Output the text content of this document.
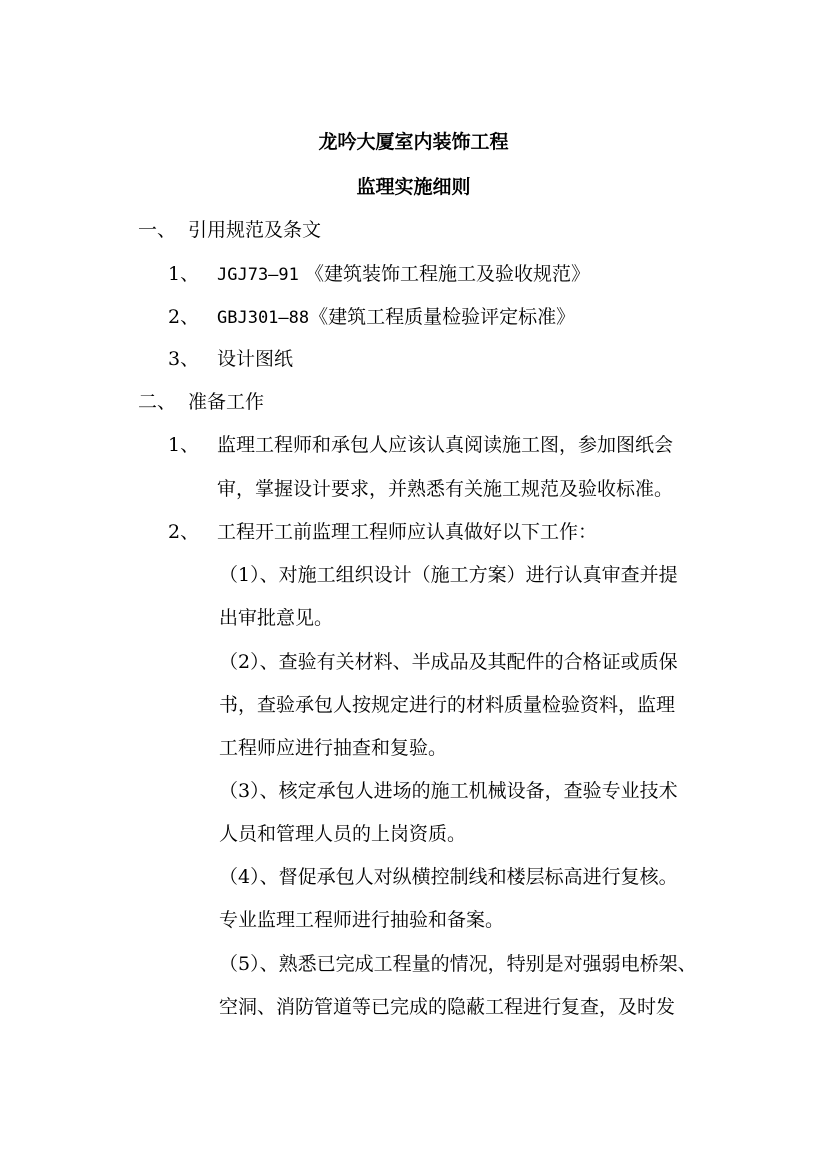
龙吟大厦室内装饰工程
监理实施细则
一、 引用规范及条文
1、 JGJ73—91 《建筑装饰工程施工及验收规范》
2、 GBJ301—88《建筑工程质量检验评定标准》
3、 设计图纸
二、 准备工作
1、 监理工程师和承包人应该认真阅读施工图，参加图纸会
审，掌握设计要求，并熟悉有关施工规范及验收标准。
2、 工程开工前监理工程师应认真做好以下工作：
（1）、对施工组织设计（施工方案）进行认真审查并提
出审批意见。
（2）、查验有关材料、半成品及其配件的合格证或质保
书，查验承包人按规定进行的材料质量检验资料，监理
工程师应进行抽查和复验。
（3）、核定承包人进场的施工机械设备，查验专业技术
人员和管理人员的上岗资质。
（4）、督促承包人对纵横控制线和楼层标高进行复核。
专业监理工程师进行抽验和备案。
（5）、熟悉已完成工程量的情况，特别是对强弱电桥架、
空洞、消防管道等已完成的隐蔽工程进行复查，及时发
